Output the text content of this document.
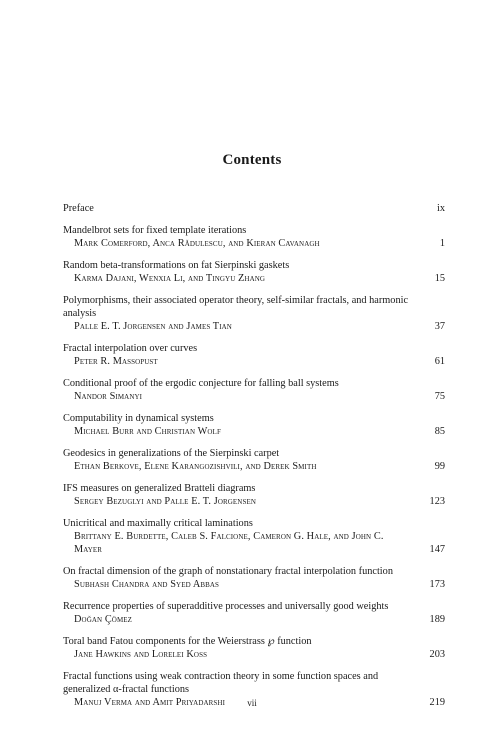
Contents
Preface	ix
Mandelbrot sets for fixed template iterations
Mark Comerford, Anca Rădulescu, and Kieran Cavanagh	1
Random beta-transformations on fat Sierpinski gaskets
Karma Dajani, Wenxia Li, and Tingyu Zhang	15
Polymorphisms, their associated operator theory, self-similar fractals, and harmonic analysis
Palle E. T. Jorgensen and James Tian	37
Fractal interpolation over curves
Peter R. Massopust	61
Conditional proof of the ergodic conjecture for falling ball systems
Nandor Simanyi	75
Computability in dynamical systems
Michael Burr and Christian Wolf	85
Geodesics in generalizations of the Sierpinski carpet
Ethan Berkove, Elene Karangozishvili, and Derek Smith	99
IFS measures on generalized Bratteli diagrams
Sergey Bezuglyi and Palle E. T. Jorgensen	123
Unicritical and maximally critical laminations
Brittany E. Burdette, Caleb S. Falcione, Cameron G. Hale, and John C. Mayer	147
On fractal dimension of the graph of nonstationary fractal interpolation function
Subhash Chandra and Syed Abbas	173
Recurrence properties of superadditive processes and universally good weights
Doğan Çömez	189
Toral band Fatou components for the Weierstrass ℘ function
Jane Hawkins and Lorelei Koss	203
Fractal functions using weak contraction theory in some function spaces and generalized α-fractal functions
Manuj Verma and Amit Priyadarshi	219
vii
